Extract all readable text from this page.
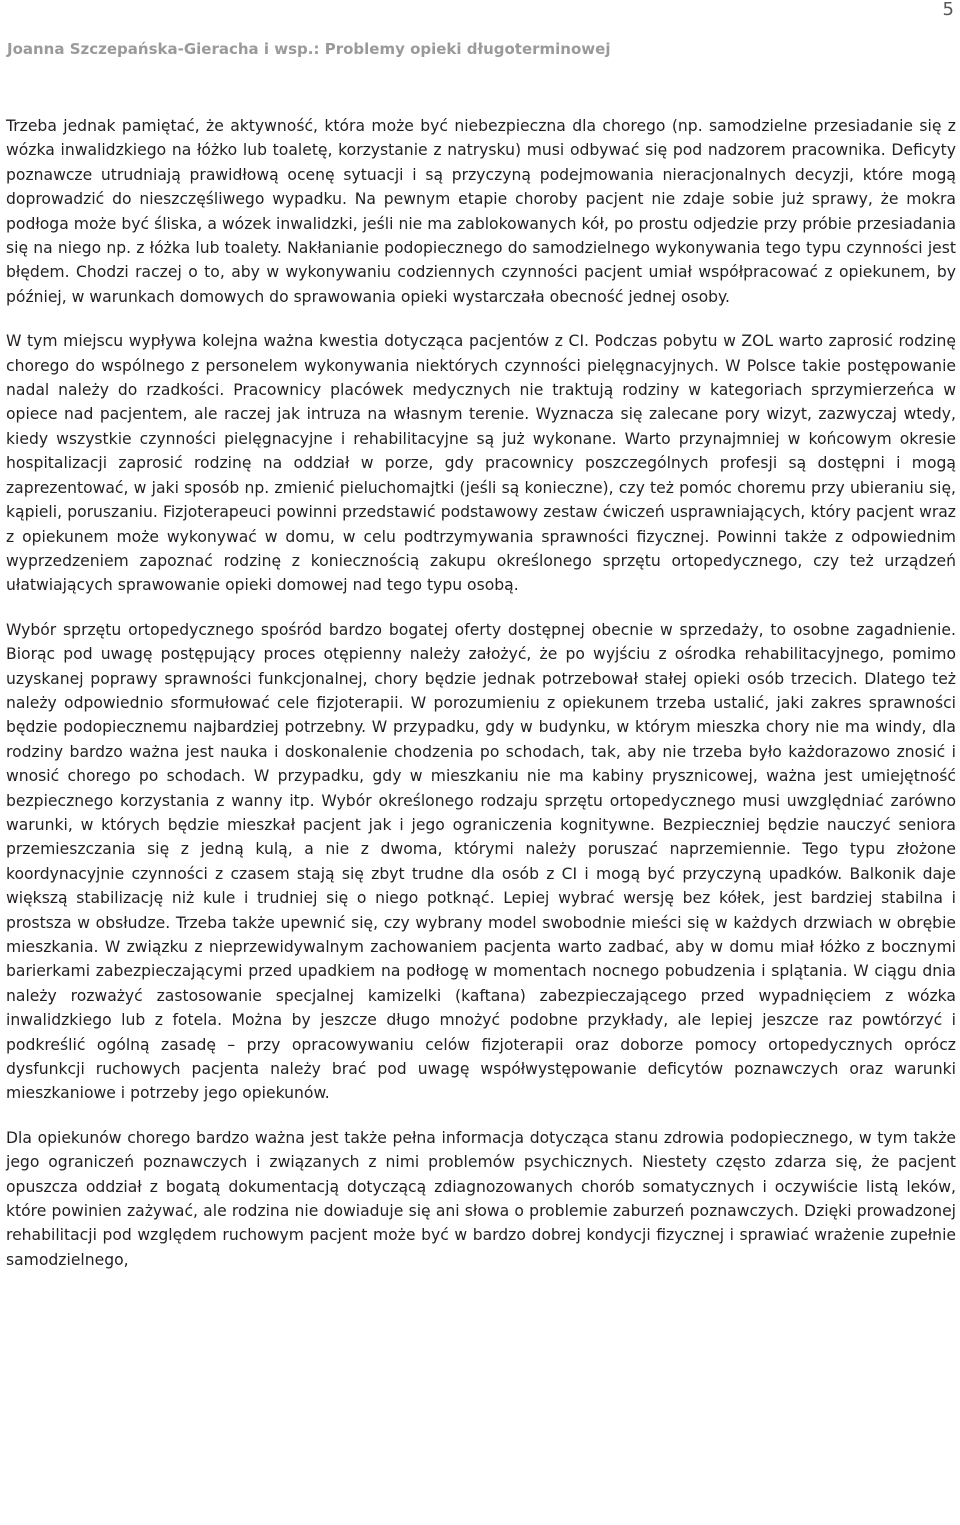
5
Joanna Szczepańska-Gieracha i wsp.: Problemy opieki długoterminowej

Trzeba jednak pamiętać, że aktywność, która może być niebezpieczna dla chorego (np. samodzielne przesiadanie się z wózka inwalidzkiego na łóżko lub toaletę, korzystanie z natrysku) musi odbywać się pod nadzorem pracownika. Deficyty poznawcze utrudniają prawidłową ocenę sytuacji i są przyczyną podejmowania nieracjonalnych decyzji, które mogą doprowadzić do nieszczęśliwego wypadku. Na pewnym etapie choroby pacjent nie zdaje sobie już sprawy, że mokra podłoga może być śliska, a wózek inwalidzki, jeśli nie ma zablokowanych kół, po prostu odjedzie przy próbie przesiadania się na niego np. z łóżka lub toalety. Nakłanianie podopiecznego do samodzielnego wykonywania tego typu czynności jest błędem. Chodzi raczej o to, aby w wykonywaniu codziennych czynności pacjent umiał współpracować z opiekunem, by później, w warunkach domowych do sprawowania opieki wystarczała obecność jednej osoby.

W tym miejscu wypływa kolejna ważna kwestia dotycząca pacjentów z CI. Podczas pobytu w ZOL warto zaprosić rodzinę chorego do wspólnego z personelem wykonywania niektórych czynności pielęgnacyjnych. W Polsce takie postępowanie nadal należy do rzadkości. Pracownicy placówek medycznych nie traktują rodziny w kategoriach sprzymierzeńca w opiece nad pacjentem, ale raczej jak intruza na własnym terenie. Wyznacza się zalecane pory wizyt, zazwyczaj wtedy, kiedy wszystkie czynności pielęgnacyjne i rehabilitacyjne są już wykonane. Warto przynajmniej w końcowym okresie hospitalizacji zaprosić rodzinę na oddział w porze, gdy pracownicy poszczególnych profesji są dostępni i mogą zaprezentować, w jaki sposób np. zmienić pieluchomajtki (jeśli są konieczne), czy też pomóc choremu przy ubieraniu się, kąpieli, poruszaniu. Fizjoterapeuci powinni przedstawić podstawowy zestaw ćwiczeń usprawniających, który pacjent wraz z opiekunem może wykonywać w domu, w celu podtrzymywania sprawności fizycznej. Powinni także z odpowiednim wyprzedzeniem zapoznać rodzinę z koniecznością zakupu określonego sprzętu ortopedycznego, czy też urządzeń ułatwiających sprawowanie opieki domowej nad tego typu osobą.

Wybór sprzętu ortopedycznego spośród bardzo bogatej oferty dostępnej obecnie w sprzedaży, to osobne zagadnienie. Biorąc pod uwagę postępujący proces otępienny należy założyć, że po wyjściu z ośrodka rehabilitacyjnego, pomimo uzyskanej poprawy sprawności funkcjonalnej, chory będzie jednak potrzebował stałej opieki osób trzecich. Dlatego też należy odpowiednio sformułować cele fizjoterapii. W porozumieniu z opiekunem trzeba ustalić, jaki zakres sprawności będzie podopiecznemu najbardziej potrzebny. W przypadku, gdy w budynku, w którym mieszka chory nie ma windy, dla rodziny bardzo ważna jest nauka i doskonalenie chodzenia po schodach, tak, aby nie trzeba było każdorazowo znosić i wnosić chorego po schodach. W przypadku, gdy w mieszkaniu nie ma kabiny prysznicowej, ważna jest umiejętność bezpiecznego korzystania z wanny itp. Wybór określonego rodzaju sprzętu ortopedycznego musi uwzględniać zarówno warunki, w których będzie mieszkał pacjent jak i jego ograniczenia kognitywne. Bezpieczniej będzie nauczyć seniora przemieszczania się z jedną kulą, a nie z dwoma, którymi należy poruszać naprzemiennie. Tego typu złożone koordynacyjnie czynności z czasem stają się zbyt trudne dla osób z CI i mogą być przyczyną upadków. Balkonik daje większą stabilizację niż kule i trudniej się o niego potknąć. Lepiej wybrać wersję bez kółek, jest bardziej stabilna i prostsza w obsłudze. Trzeba także upewnić się, czy wybrany model swobodnie mieści się w każdych drzwiach w obrębie mieszkania. W związku z nieprzewidywalnym zachowaniem pacjenta warto zadbać, aby w domu miał łóżko z bocznymi barierkami zabezpieczającymi przed upadkiem na podłogę w momentach nocnego pobudzenia i splątania. W ciągu dnia należy rozważyć zastosowanie specjalnej kamizelki (kaftana) zabezpieczającego przed wypadnięciem z wózka inwalidzkiego lub z fotela. Można by jeszcze długo mnożyć podobne przykłady, ale lepiej jeszcze raz powtórzyć i podkreślić ogólną zasadę – przy opracowywaniu celów fizjoterapii oraz doborze pomocy ortopedycznych oprócz dysfunkcji ruchowych pacjenta należy brać pod uwagę współwystępowanie deficytów poznawczych oraz warunki mieszkaniowe i potrzeby jego opiekunów.

Dla opiekunów chorego bardzo ważna jest także pełna informacja dotycząca stanu zdrowia podopiecznego, w tym także jego ograniczeń poznawczych i związanych z nimi problemów psychicznych. Niestety często zdarza się, że pacjent opuszcza oddział z bogatą dokumentacją dotyczącą zdiagnozowanych chorób somatycznych i oczywiście listą leków, które powinien zażywać, ale rodzina nie dowiaduje się ani słowa o problemie zaburzeń poznawczych. Dzięki prowadzonej rehabilitacji pod względem ruchowym pacjent może być w bardzo dobrej kondycji fizycznej i sprawiać wrażenie zupełnie samodzielnego,
